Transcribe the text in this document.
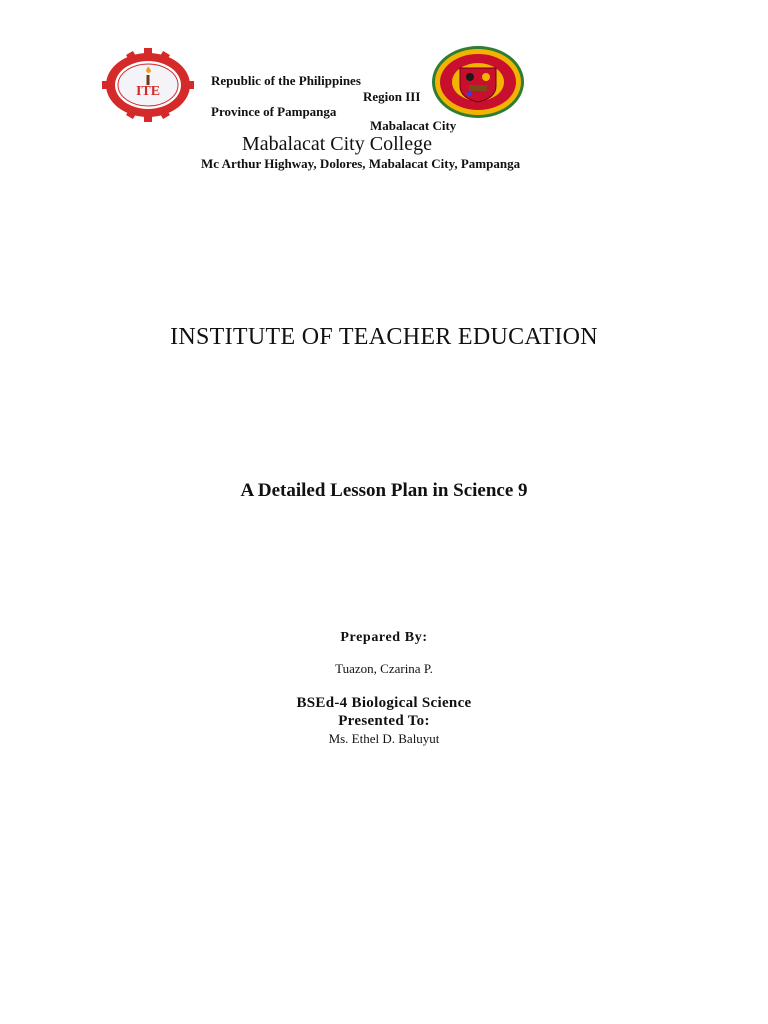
ITE
Republic of the Philippines
Region III
Province of Pampanga
Mabalacat City
Mabalacat City College
Mc Arthur Highway, Dolores, Mabalacat City, Pampanga
INSTITUTE OF TEACHER EDUCATION
A Detailed Lesson Plan in Science 9
Prepared By:
Tuazon, Czarina P.
BSEd-4 Biological Science
Presented To:
Ms. Ethel D. Baluyut
